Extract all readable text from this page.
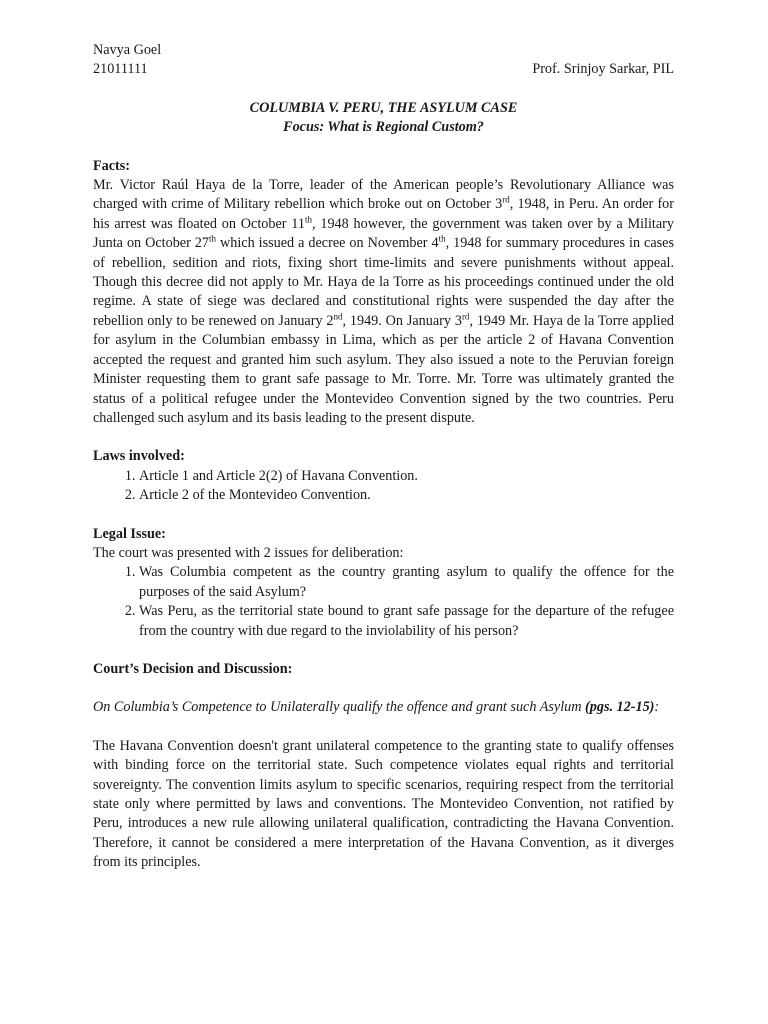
Navya Goel
21011111	Prof. Srinjoy Sarkar, PIL
COLUMBIA V. PERU, THE ASYLUM CASE
Focus: What is Regional Custom?
Facts:
Mr. Victor Raúl Haya de la Torre, leader of the American people’s Revolutionary Alliance was charged with crime of Military rebellion which broke out on October 3rd, 1948, in Peru. An order for his arrest was floated on October 11th, 1948 however, the government was taken over by a Military Junta on October 27th which issued a decree on November 4th, 1948 for summary procedures in cases of rebellion, sedition and riots, fixing short time-limits and severe punishments without appeal. Though this decree did not apply to Mr. Haya de la Torre as his proceedings continued under the old regime. A state of siege was declared and constitutional rights were suspended the day after the rebellion only to be renewed on January 2nd, 1949. On January 3rd, 1949 Mr. Haya de la Torre applied for asylum in the Columbian embassy in Lima, which as per the article 2 of Havana Convention accepted the request and granted him such asylum. They also issued a note to the Peruvian foreign Minister requesting them to grant safe passage to Mr. Torre. Mr. Torre was ultimately granted the status of a political refugee under the Montevideo Convention signed by the two countries. Peru challenged such asylum and its basis leading to the present dispute.
Laws involved:
1. Article 1 and Article 2(2) of Havana Convention.
2. Article 2 of the Montevideo Convention.
Legal Issue:
The court was presented with 2 issues for deliberation:
1. Was Columbia competent as the country granting asylum to qualify the offence for the purposes of the said Asylum?
2. Was Peru, as the territorial state bound to grant safe passage for the departure of the refugee from the country with due regard to the inviolability of his person?
Court’s Decision and Discussion:
On Columbia’s Competence to Unilaterally qualify the offence and grant such Asylum (pgs. 12-15):
The Havana Convention doesn't grant unilateral competence to the granting state to qualify offenses with binding force on the territorial state. Such competence violates equal rights and territorial sovereignty. The convention limits asylum to specific scenarios, requiring respect from the territorial state only where permitted by laws and conventions. The Montevideo Convention, not ratified by Peru, introduces a new rule allowing unilateral qualification, contradicting the Havana Convention. Therefore, it cannot be considered a mere interpretation of the Havana Convention, as it diverges from its principles.
